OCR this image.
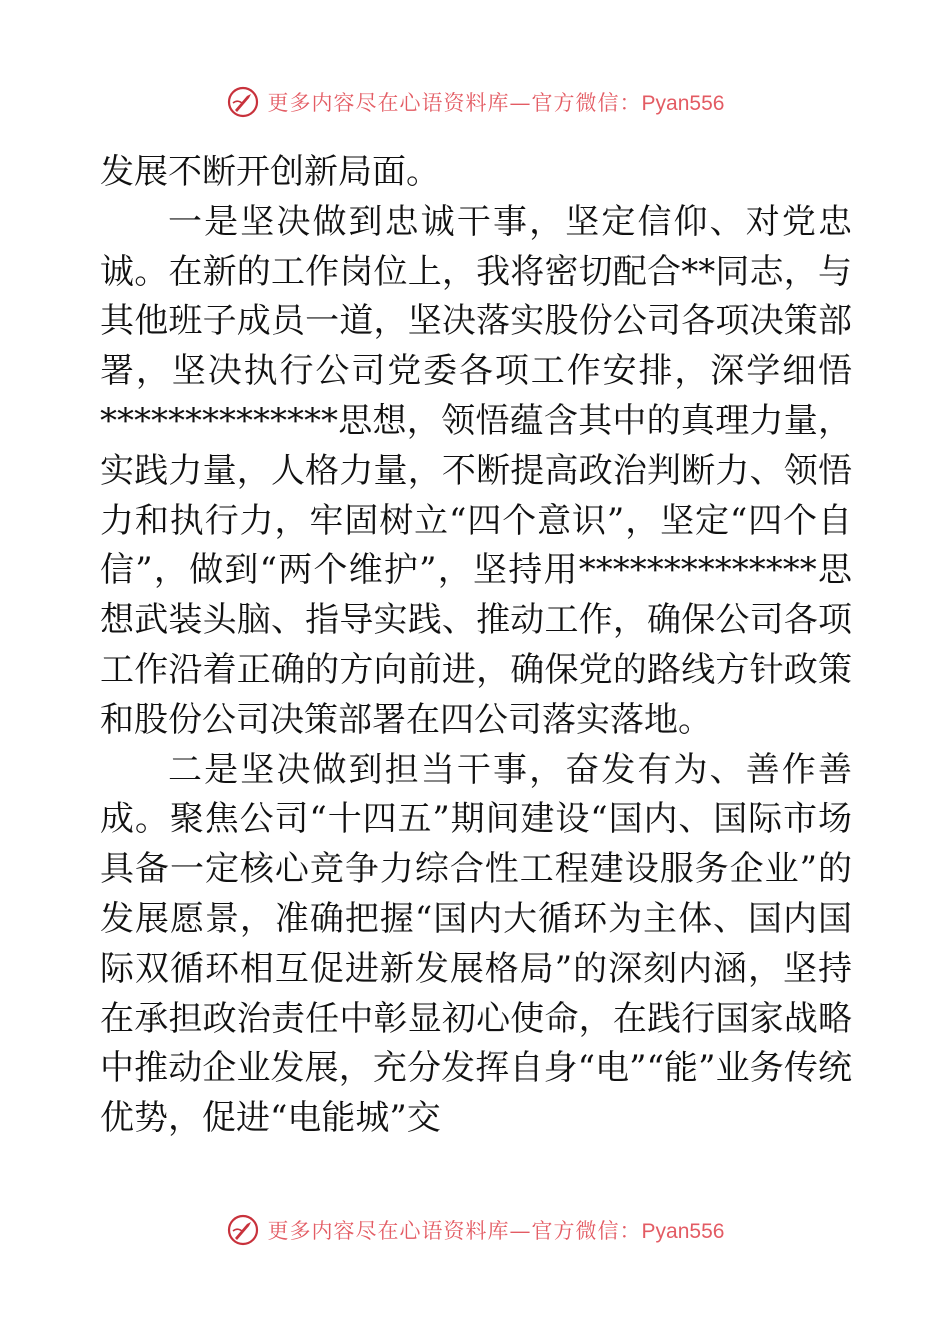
更多内容尽在心语资料库—官方微信：Pyan556

发展不断开创新局面。

一是坚决做到忠诚干事，坚定信仰、对党忠诚。在新的工作岗位上，我将密切配合**同志，与其他班子成员一道，坚决落实股份公司各项决策部署，坚决执行公司党委各项工作安排，深学细悟**************思想，领悟蕴含其中的真理力量，实践力量，人格力量，不断提高政治判断力、领悟力和执行力，牢固树立“四个意识”，坚定“四个自信”，做到“两个维护”，坚持用**************思想武装头脑、指导实践、推动工作，确保公司各项工作沿着正确的方向前进，确保党的路线方针政策和股份公司决策部署在四公司落实落地。

二是坚决做到担当干事，奋发有为、善作善成。聚焦公司“十四五”期间建设“国内、国际市场具备一定核心竞争力综合性工程建设服务企业”的发展愿景，准确把握“国内大循环为主体、国内国际双循环相互促进新发展格局”的深刻内涵，坚持在承担政治责任中彰显初心使命，在践行国家战略中推动企业发展，充分发挥自身“电”“能”业务传统优势，促进“电能城”交

更多内容尽在心语资料库—官方微信：Pyan556
